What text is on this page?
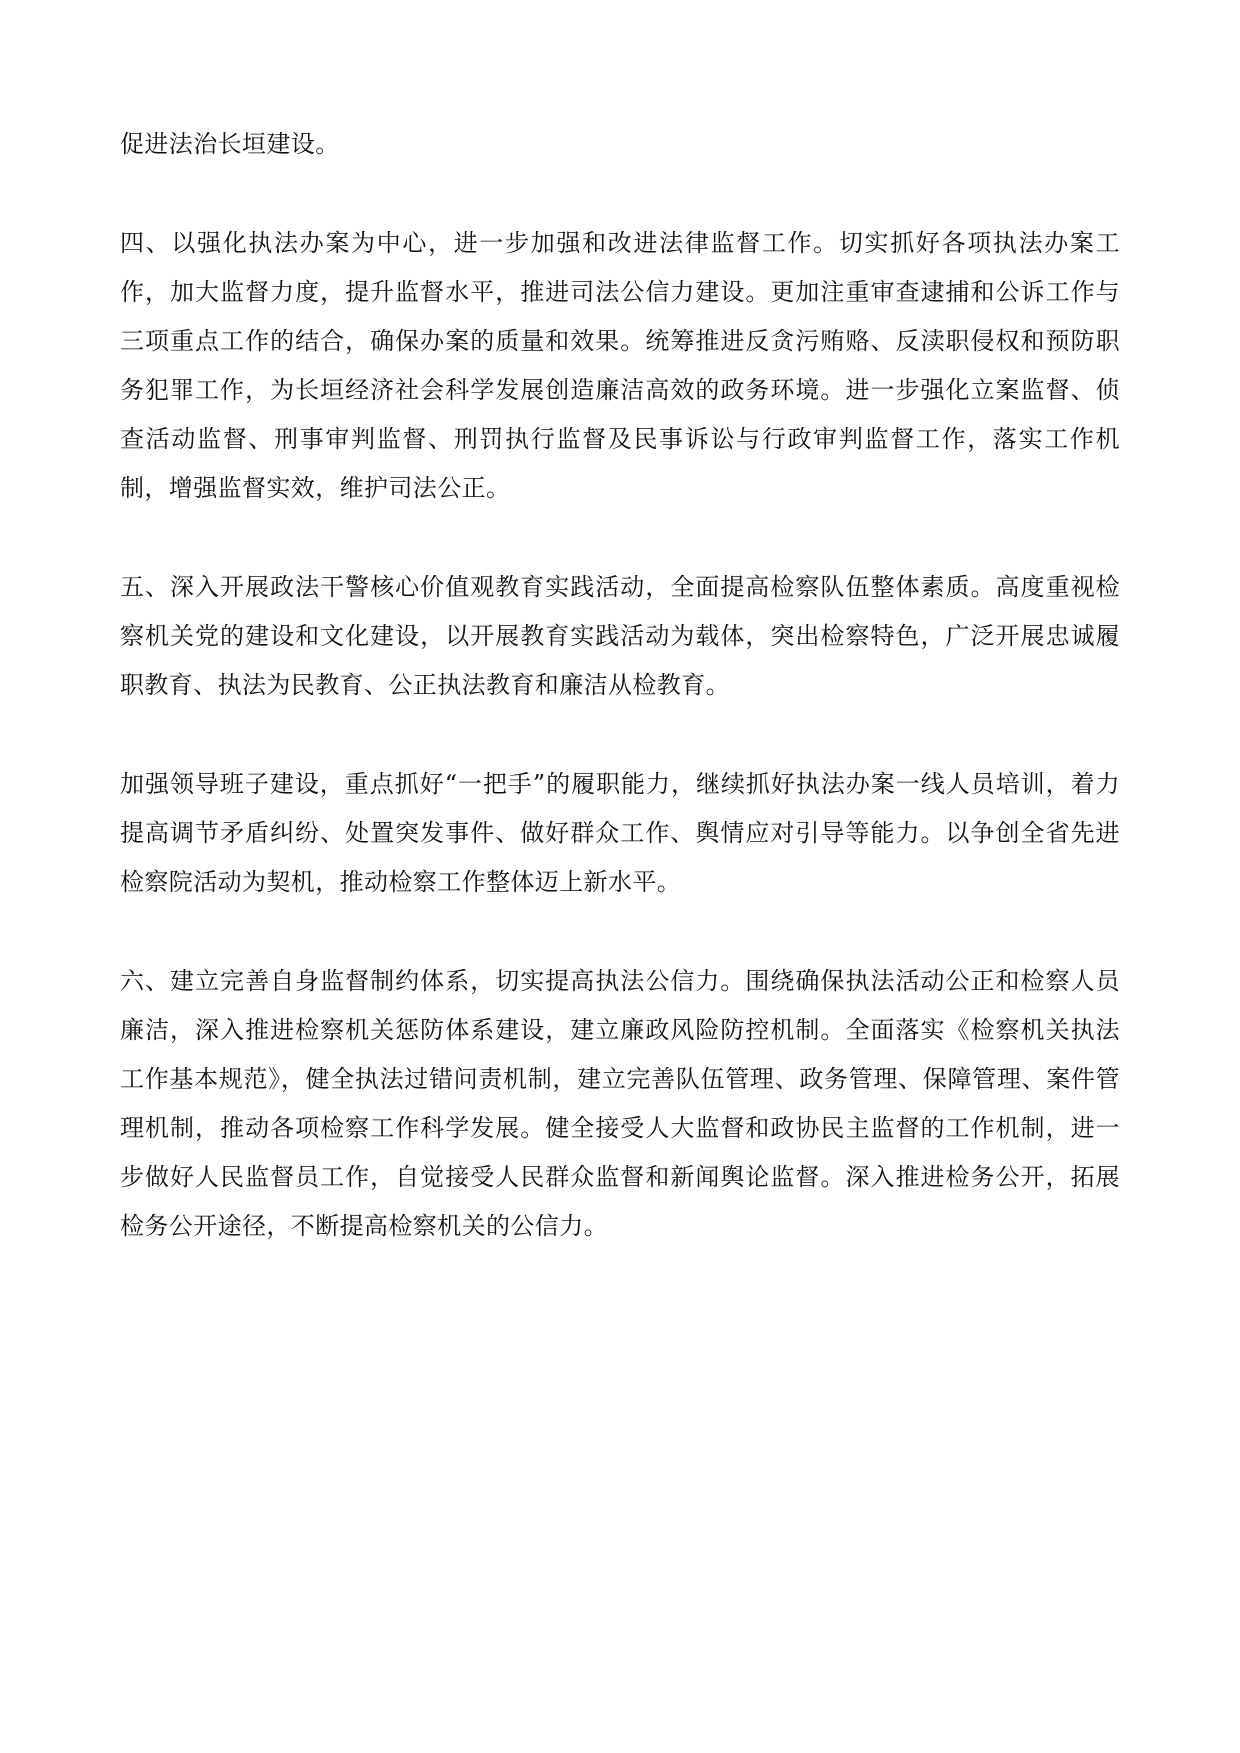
促进法治长垣建设。

四、以强化执法办案为中心，进一步加强和改进法律监督工作。切实抓好各项执法办案工作，加大监督力度，提升监督水平，推进司法公信力建设。更加注重审查逮捕和公诉工作与三项重点工作的结合，确保办案的质量和效果。统筹推进反贪污贿赂、反渎职侵权和预防职务犯罪工作，为长垣经济社会科学发展创造廉洁高效的政务环境。进一步强化立案监督、侦查活动监督、刑事审判监督、刑罚执行监督及民事诉讼与行政审判监督工作，落实工作机制，增强监督实效，维护司法公正。

五、深入开展政法干警核心价值观教育实践活动，全面提高检察队伍整体素质。高度重视检察机关党的建设和文化建设，以开展教育实践活动为载体，突出检察特色，广泛开展忠诚履职教育、执法为民教育、公正执法教育和廉洁从检教育。

加强领导班子建设，重点抓好“一把手”的履职能力，继续抓好执法办案一线人员培训，着力提高调节矛盾纠纷、处置突发事件、做好群众工作、舆情应对引导等能力。以争创全省先进检察院活动为契机，推动检察工作整体迈上新水平。

六、建立完善自身监督制约体系，切实提高执法公信力。围绕确保执法活动公正和检察人员廉洁，深入推进检察机关惩防体系建设，建立廉政风险防控机制。全面落实《检察机关执法工作基本规范》，健全执法过错问责机制，建立完善队伍管理、政务管理、保障管理、案件管理机制，推动各项检察工作科学发展。健全接受人大监督和政协民主监督的工作机制，进一步做好人民监督员工作，自觉接受人民群众监督和新闻舆论监督。深入推进检务公开，拓展检务公开途径，不断提高检察机关的公信力。
